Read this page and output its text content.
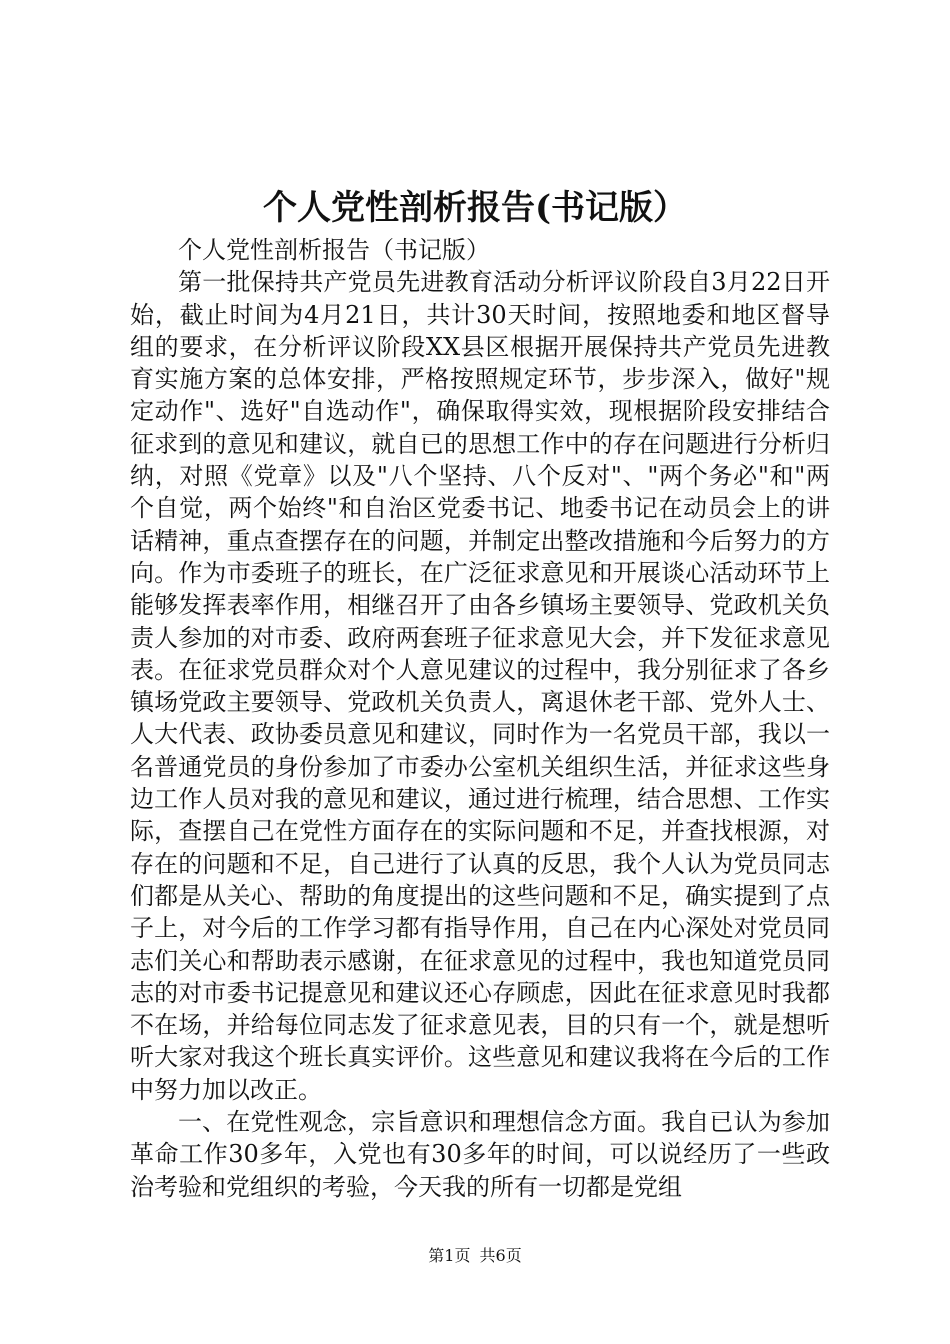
个人党性剖析报告(书记版）

个人党性剖析报告（书记版）

第一批保持共产党员先进教育活动分析评议阶段自3月22日开始，截止时间为4月21日，共计30天时间，按照地委和地区督导组的要求，在分析评议阶段XX县区根据开展保持共产党员先进教育实施方案的总体安排，严格按照规定环节，步步深入，做好"规定动作"、选好"自选动作"，确保取得实效，现根据阶段安排结合征求到的意见和建议，就自已的思想工作中的存在问题进行分析归纳，对照《党章》以及"八个坚持、八个反对"、"两个务必"和"两个自觉，两个始终"和自治区党委书记、地委书记在动员会上的讲话精神，重点查摆存在的问题，并制定出整改措施和今后努力的方向。作为市委班子的班长，在广泛征求意见和开展谈心活动环节上能够发挥表率作用，相继召开了由各乡镇场主要领导、党政机关负责人参加的对市委、政府两套班子征求意见大会，并下发征求意见表。在征求党员群众对个人意见建议的过程中，我分别征求了各乡镇场党政主要领导、党政机关负责人，离退休老干部、党外人士、人大代表、政协委员意见和建议，同时作为一名党员干部，我以一名普通党员的身份参加了市委办公室机关组织生活，并征求这些身边工作人员对我的意见和建议，通过进行梳理，结合思想、工作实际，查摆自己在党性方面存在的实际问题和不足，并查找根源，对存在的问题和不足，自己进行了认真的反思，我个人认为党员同志们都是从关心、帮助的角度提出的这些问题和不足，确实提到了点子上，对今后的工作学习都有指导作用，自己在内心深处对党员同志们关心和帮助表示感谢，在征求意见的过程中，我也知道党员同志的对市委书记提意见和建议还心存顾虑，因此在征求意见时我都不在场，并给每位同志发了征求意见表，目的只有一个，就是想听听大家对我这个班长真实评价。这些意见和建议我将在今后的工作中努力加以改正。

一、在党性观念，宗旨意识和理想信念方面。我自已认为参加革命工作30多年，入党也有30多年的时间，可以说经历了一些政治考验和党组织的考验，今天我的所有一切都是党组

第1页 共6页
